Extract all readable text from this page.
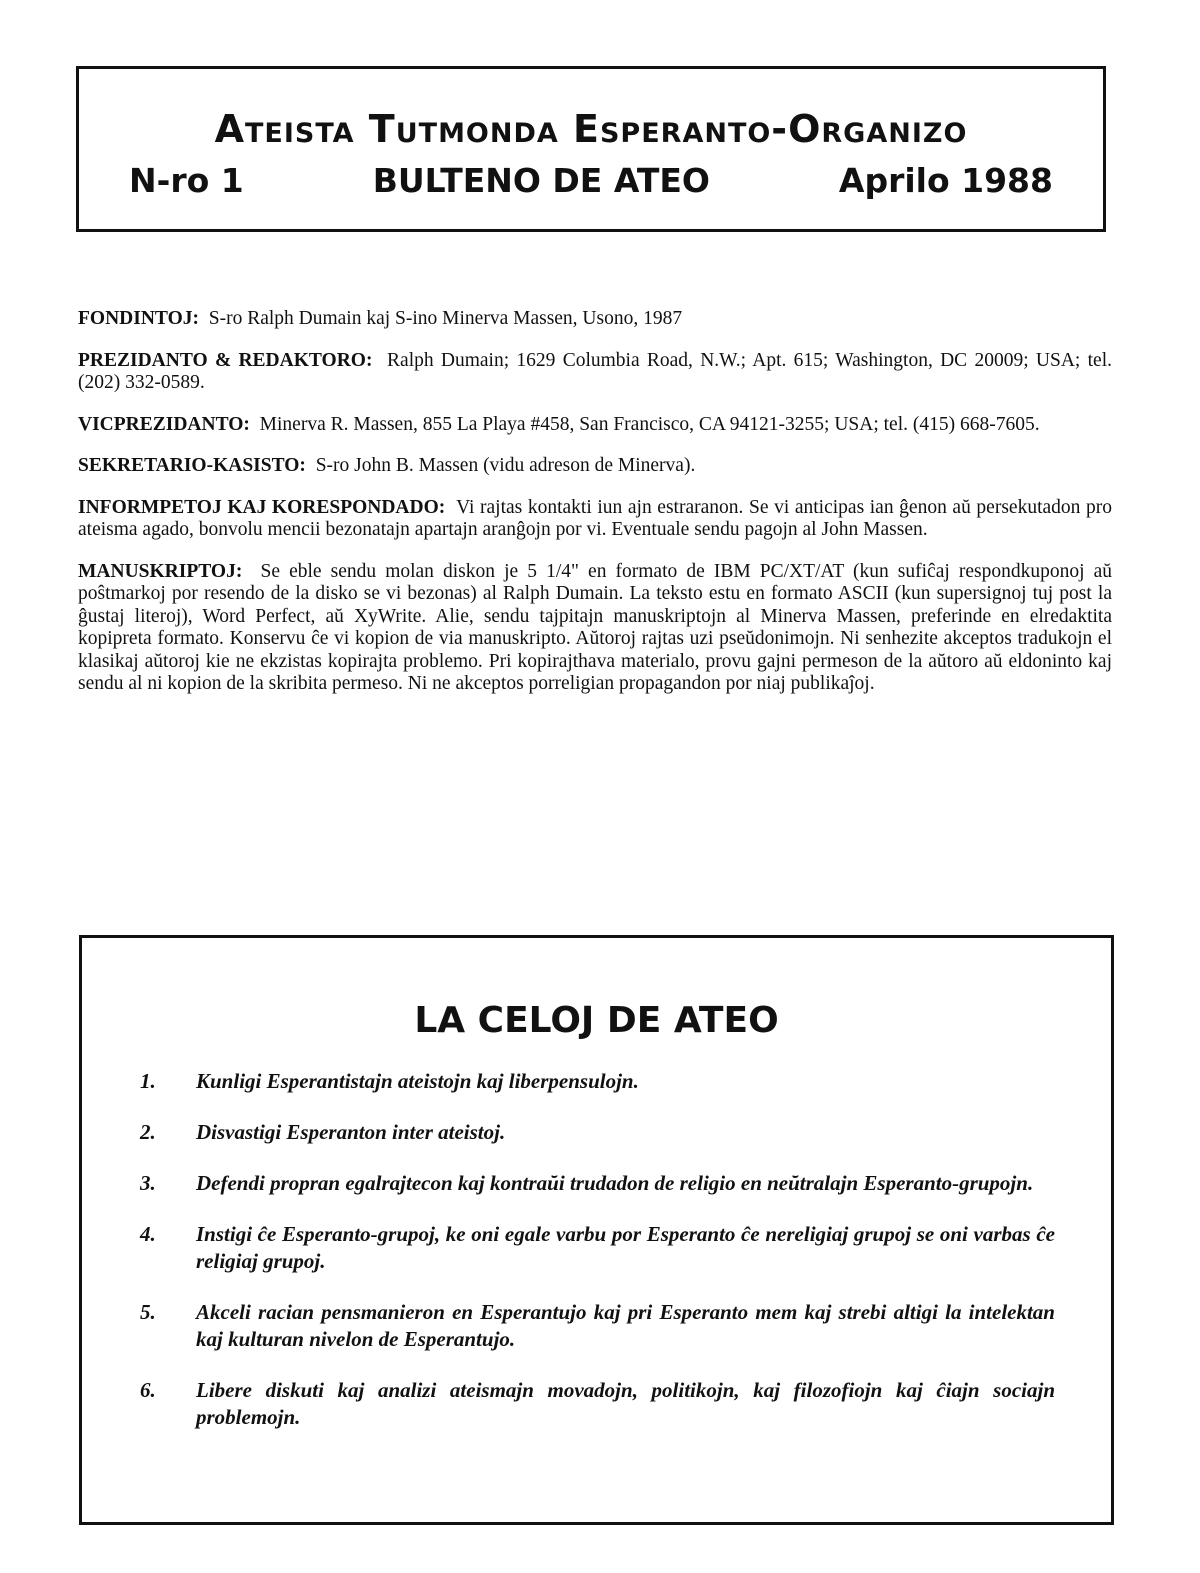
Ateista Tutmonda Esperanto-Organizo
N-ro 1	BULTENO DE ATEO	Aprilo 1988

FONDINTOJ: S-ro Ralph Dumain kaj S-ino Minerva Massen, Usono, 1987

PREZIDANTO & REDAKTORO: Ralph Dumain; 1629 Columbia Road, N.W.; Apt. 615; Washington, DC 20009; USA; tel. (202) 332-0589.

VICPREZIDANTO: Minerva R. Massen, 855 La Playa #458, San Francisco, CA 94121-3255; USA; tel. (415) 668-7605.

SEKRETARIO-KASISTO: S-ro John B. Massen (vidu adreson de Minerva).

INFORMPETOJ KAJ KORESPONDADO: Vi rajtas kontakti iun ajn estraranon. Se vi anticipas ian ĝenon aŭ persekutadon pro ateisma agado, bonvolu mencii bezonatajn apartajn aranĝojn por vi. Eventuale sendu pagojn al John Massen.

MANUSKRIPTOJ: Se eble sendu molan diskon je 5 1/4" en formato de IBM PC/XT/AT (kun sufiĉaj respondkuponoj aŭ poŝtmarkoj por resendo de la disko se vi bezonas) al Ralph Dumain. La teksto estu en formato ASCII (kun supersignoj tuj post la ĝustaj literoj), Word Perfect, aŭ XyWrite. Alie, sendu tajpitajn manuskriptojn al Minerva Massen, preferinde en elredaktita kopipreta formato. Konservu ĉe vi kopion de via manuskripto. Aŭtoroj rajtas uzi pseŭdonimojn. Ni senhezite akceptos tradukojn el klasikaj aŭtoroj kie ne ekzistas kopirajta problemo. Pri kopirajthava materialo, provu gajni permeson de la aŭtoro aŭ eldoninto kaj sendu al ni kopion de la skribita permeso. Ni ne akceptos porreligian propagandon por niaj publikaĵoj.

LA CELOJ DE ATEO
1.	Kunligi Esperantistajn ateistojn kaj liberpensulojn.
2.	Disvastigi Esperanton inter ateistoj.
3.	Defendi propran egalrajtecon kaj kontraŭi trudadon de religio en neŭtralajn Esperanto-grupojn.
4.	Instigi ĉe Esperanto-grupoj, ke oni egale varbu por Esperanto ĉe nereligiaj grupoj se oni varbas ĉe religiaj grupoj.
5.	Akceli racian pensmanieron en Esperantujo kaj pri Esperanto mem kaj strebi altigi la intelektan kaj kulturan nivelon de Esperantujo.
6.	Libere diskuti kaj analizi ateismajn movadojn, politikojn, kaj filozofiojn kaj ĉiajn sociajn problemojn.
